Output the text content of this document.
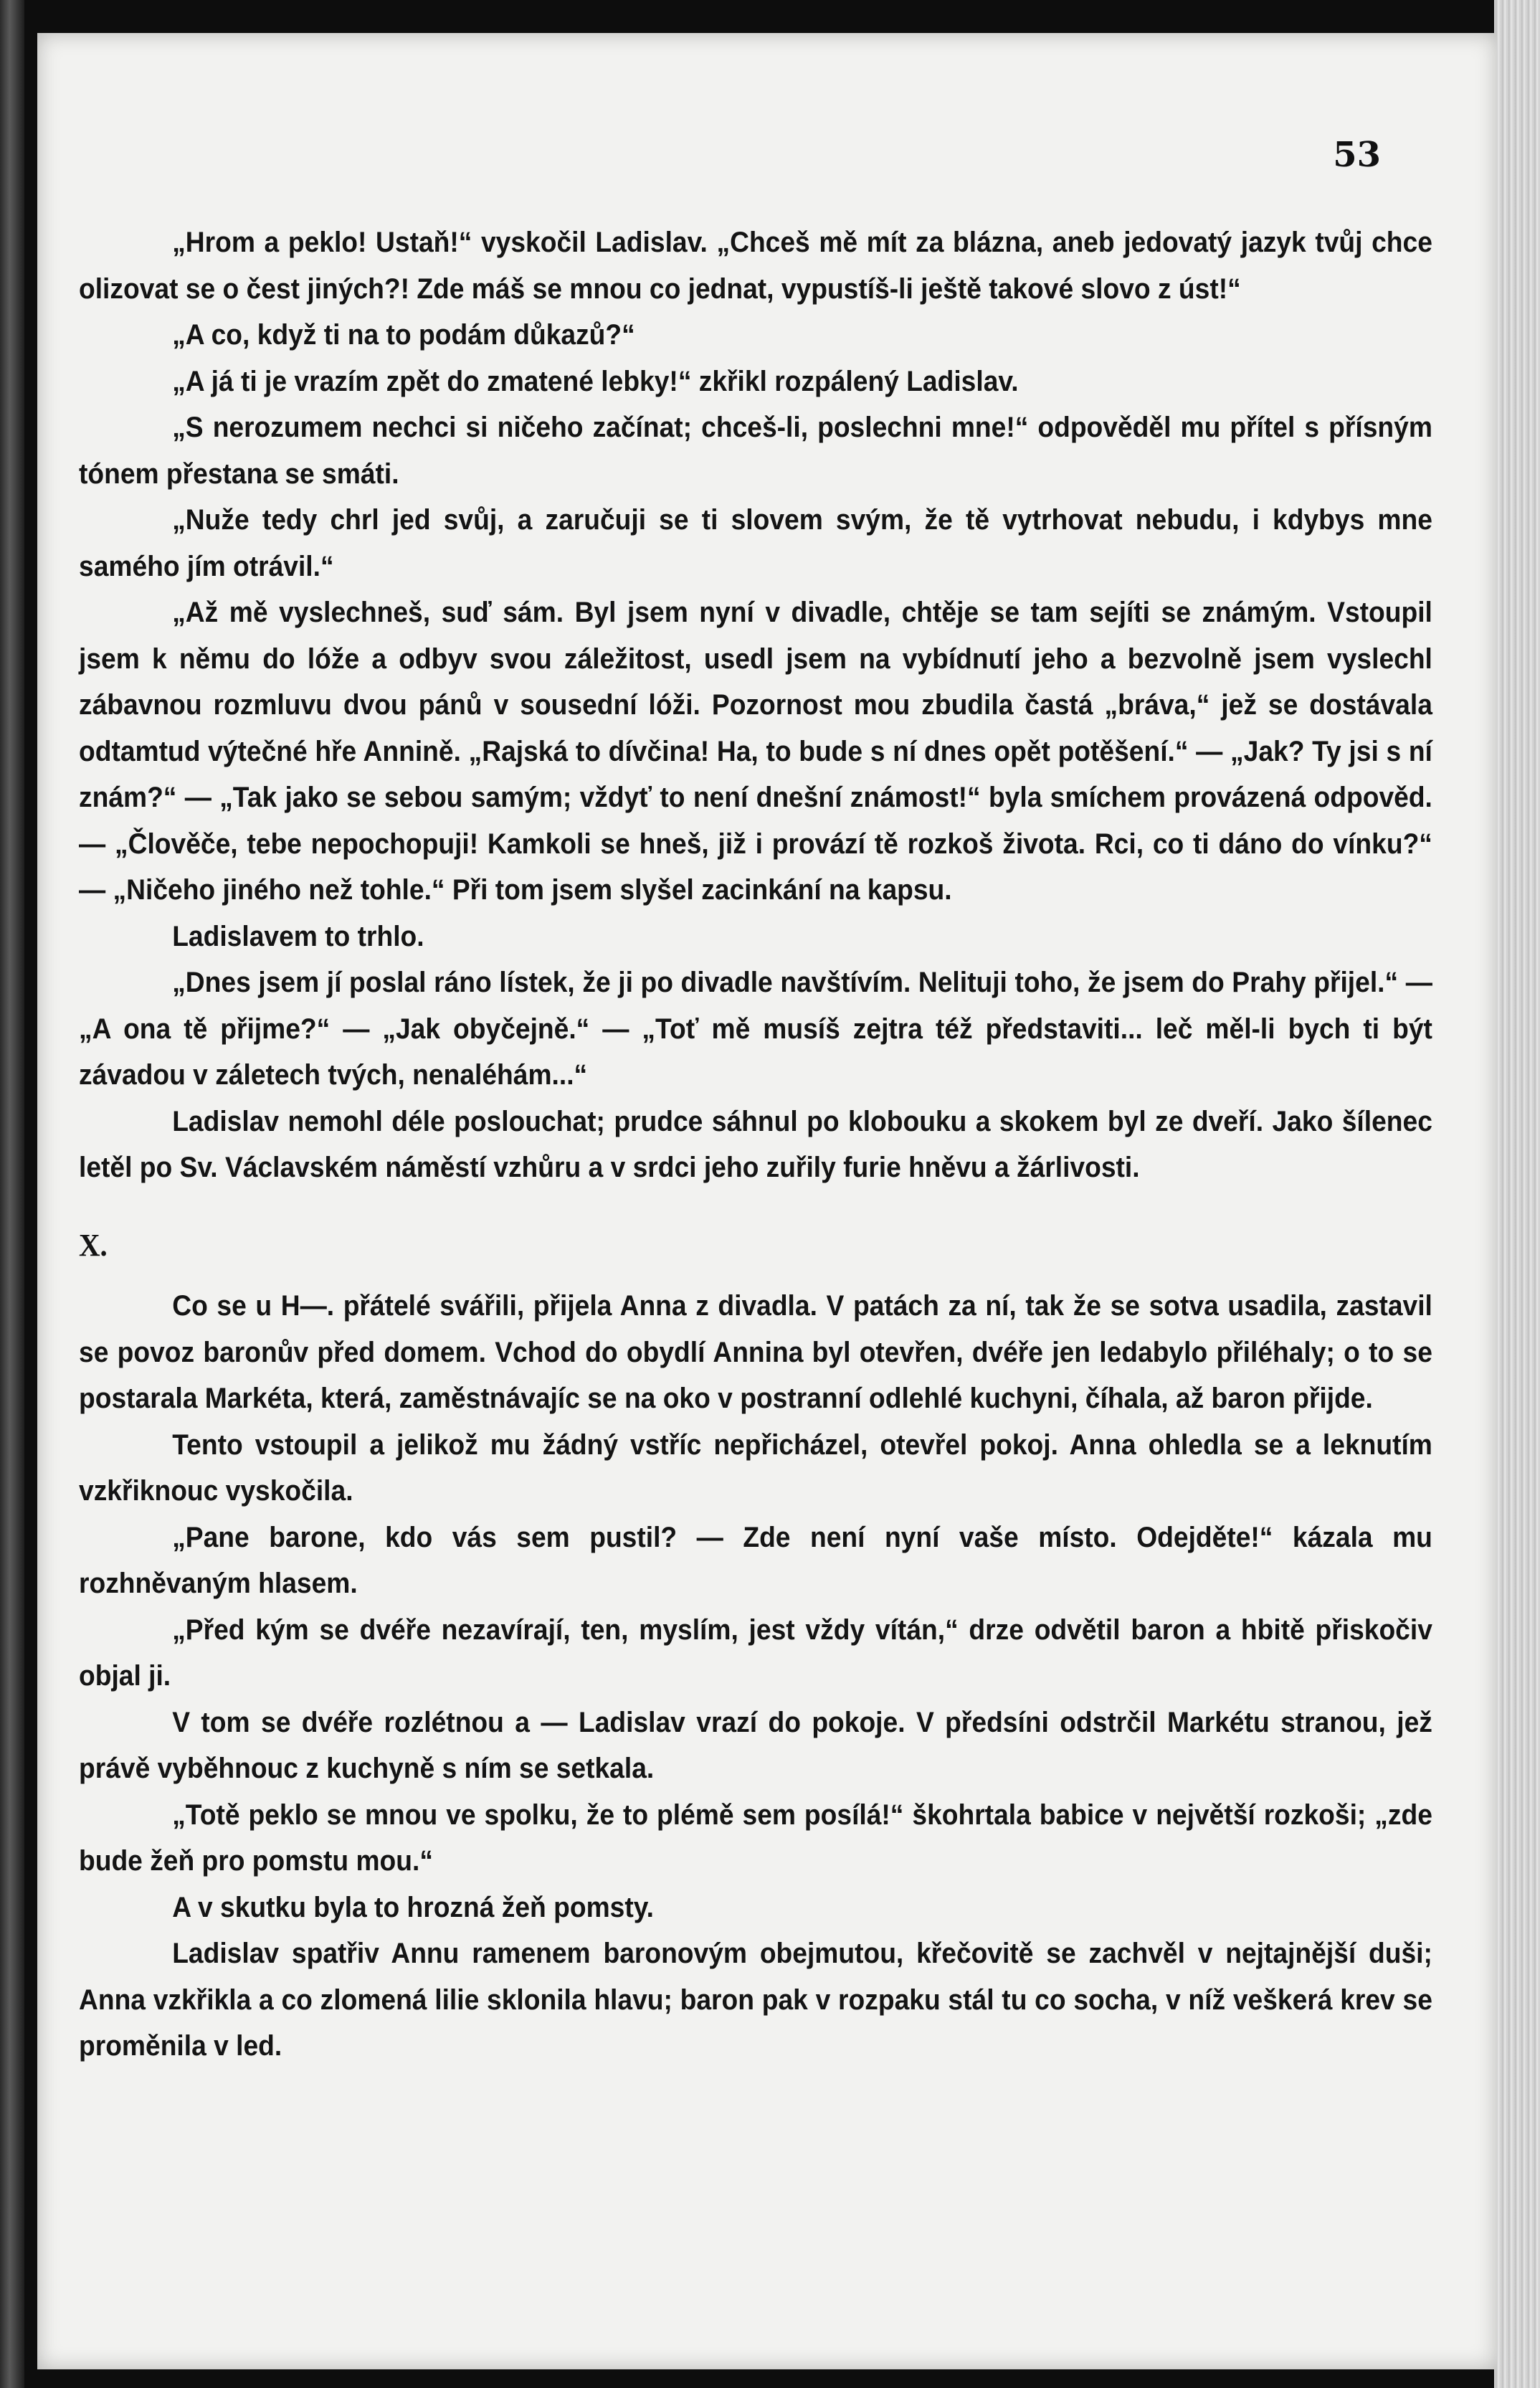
53

„Hrom a peklo! Ustaň!“ vyskočil Ladislav. „Chceš mě mít za blázna, aneb jedovatý jazyk tvůj chce olizovat se o čest jiných?! Zde máš se mnou co jednat, vypustíš-li ještě takové slovo z úst!“

„A co, když ti na to podám důkazů?“

„A já ti je vrazím zpět do zmatené lebky!“ zkřikl rozpálený Ladislav.

„S nerozumem nechci si ničeho začínat; chceš-li, poslechni mne!“ odpověděl mu přítel s přísným tónem přestana se smáti.

„Nuže tedy chrl jed svůj, a zaručuji se ti slovem svým, že tě vytrhovat nebudu, i kdybys mne samého jím otrávil.“

„Až mě vyslechneš, suď sám. Byl jsem nyní v divadle, chtěje se tam sejíti se známým. Vstoupil jsem k němu do lóže a odbyv svou záležitost, usedl jsem na vybídnutí jeho a bezvolně jsem vyslechl zábavnou rozmluvu dvou pánů v sousední lóži. Pozornost mou zbudila častá „bráva,“ jež se dostávala odtamtud výtečné hře Annině. „Rajská to dívčina! Ha, to bude s ní dnes opět potěšení.“ — „Jak? Ty jsi s ní znám?“ — „Tak jako se sebou samým; vždyť to není dnešní známost!“ byla smíchem provázená odpověd. — „Člověče, tebe nepochopuji! Kamkoli se hneš, již i provází tě rozkoš života. Rci, co ti dáno do vínku?“ — „Ničeho jiného než tohle.“ Při tom jsem slyšel zacinkání na kapsu.

Ladislavem to trhlo.

„Dnes jsem jí poslal ráno lístek, že ji po divadle navštívím. Nelituji toho, že jsem do Prahy přijel.“ — „A ona tě přijme?“ — „Jak obyčejně.“ — „Toť mě musíš zejtra též představiti... leč měl-li bych ti být závadou v záletech tvých, nenaléhám...“

Ladislav nemohl déle poslouchat; prudce sáhnul po klobouku a skokem byl ze dveří. Jako šílenec letěl po Sv. Václavském náměstí vzhůru a v srdci jeho zuřily furie hněvu a žárlivosti.

X.

Co se u H—. přátelé svářili, přijela Anna z divadla. V patách za ní, tak že se sotva usadila, zastavil se povoz baronův před domem. Vchod do obydlí Annina byl otevřen, dvéře jen ledabylo přiléhaly; o to se postarala Markéta, která, zaměstnávajíc se na oko v postranní odlehlé kuchyni, číhala, až baron přijde.

Tento vstoupil a jelikož mu žádný vstříc nepřicházel, otevřel pokoj. Anna ohledla se a leknutím vzkřiknouc vyskočila.

„Pane barone, kdo vás sem pustil? — Zde není nyní vaše místo. Odejděte!“ kázala mu rozhněvaným hlasem.

„Před kým se dvéře nezavírají, ten, myslím, jest vždy vítán,“ drze odvětil baron a hbitě přiskočiv objal ji.

V tom se dvéře rozlétnou a — Ladislav vrazí do pokoje. V předsíni odstrčil Markétu stranou, jež právě vyběhnouc z kuchyně s ním se setkala.

„Totě peklo se mnou ve spolku, že to plémě sem posílá!“ škohrtala babice v největší rozkoši; „zde bude žeň pro pomstu mou.“

A v skutku byla to hrozná žeň pomsty.

Ladislav spatřiv Annu ramenem baronovým obejmutou, křečovitě se zachvěl v nejtajnější duši; Anna vzkřikla a co zlomená lilie sklonila hlavu; baron pak v rozpaku stál tu co socha, v níž veškerá krev se proměnila v led.
